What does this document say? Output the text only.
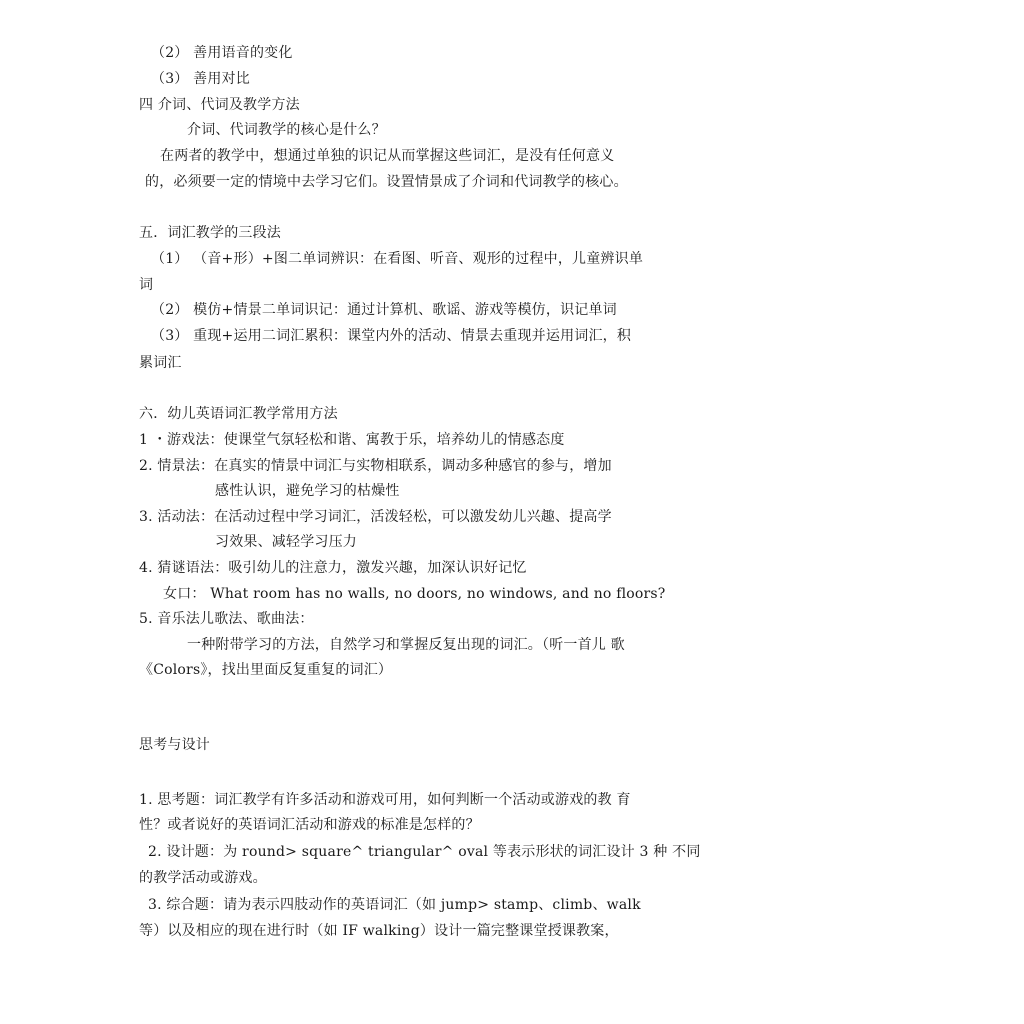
（2） 善用语音的变化
（3） 善用对比
四 介词、代词及教学方法
介词、代词教学的核心是什么？
在两者的教学中，想通过单独的识记从而掌握这些词汇，是没有任何意义
的，必须要一定的情境中去学习它们。设置情景成了介词和代词教学的核心。
五．词汇教学的三段法
（1） （音+形）+图二单词辨识：在看图、听音、观形的过程中，儿童辨识单
词
（2） 模仿+情景二单词识记：通过计算机、歌谣、游戏等模仿，识记单词
（3） 重现+运用二词汇累积：课堂内外的活动、情景去重现并运用词汇，积
累词汇
六．幼儿英语词汇教学常用方法
1 ・游戏法：使课堂气氛轻松和谐、寓教于乐，培养幼儿的情感态度
2. 情景法：在真实的情景中词汇与实物相联系，调动多种感官的参与，增加
感性认识，避免学习的枯燥性
3. 活动法：在活动过程中学习词汇，活泼轻松，可以激发幼儿兴趣、提高学
习效果、减轻学习压力
4. 猜谜语法：吸引幼儿的注意力，激发兴趣，加深认识好记忆
女口： What room has no walls, no doors, no windows, and no floors?
5. 音乐法儿歌法、歌曲法：
一种附带学习的方法，自然学习和掌握反复出现的词汇。（听一首儿 歌
《Colors》，找出里面反复重复的词汇）
思考与设计
1. 思考题：词汇教学有许多活动和游戏可用，如何判断一个活动或游戏的教 育
性？或者说好的英语词汇活动和游戏的标准是怎样的？
2. 设计题：为 round> square^ triangular^ oval 等表示形状的词汇设计 3 种 不同
的教学活动或游戏。
3. 综合题：请为表示四肢动作的英语词汇（如 jump> stamp、climb、walk
等）以及相应的现在进行时（如 IF walking）设计一篇完整课堂授课教案，
